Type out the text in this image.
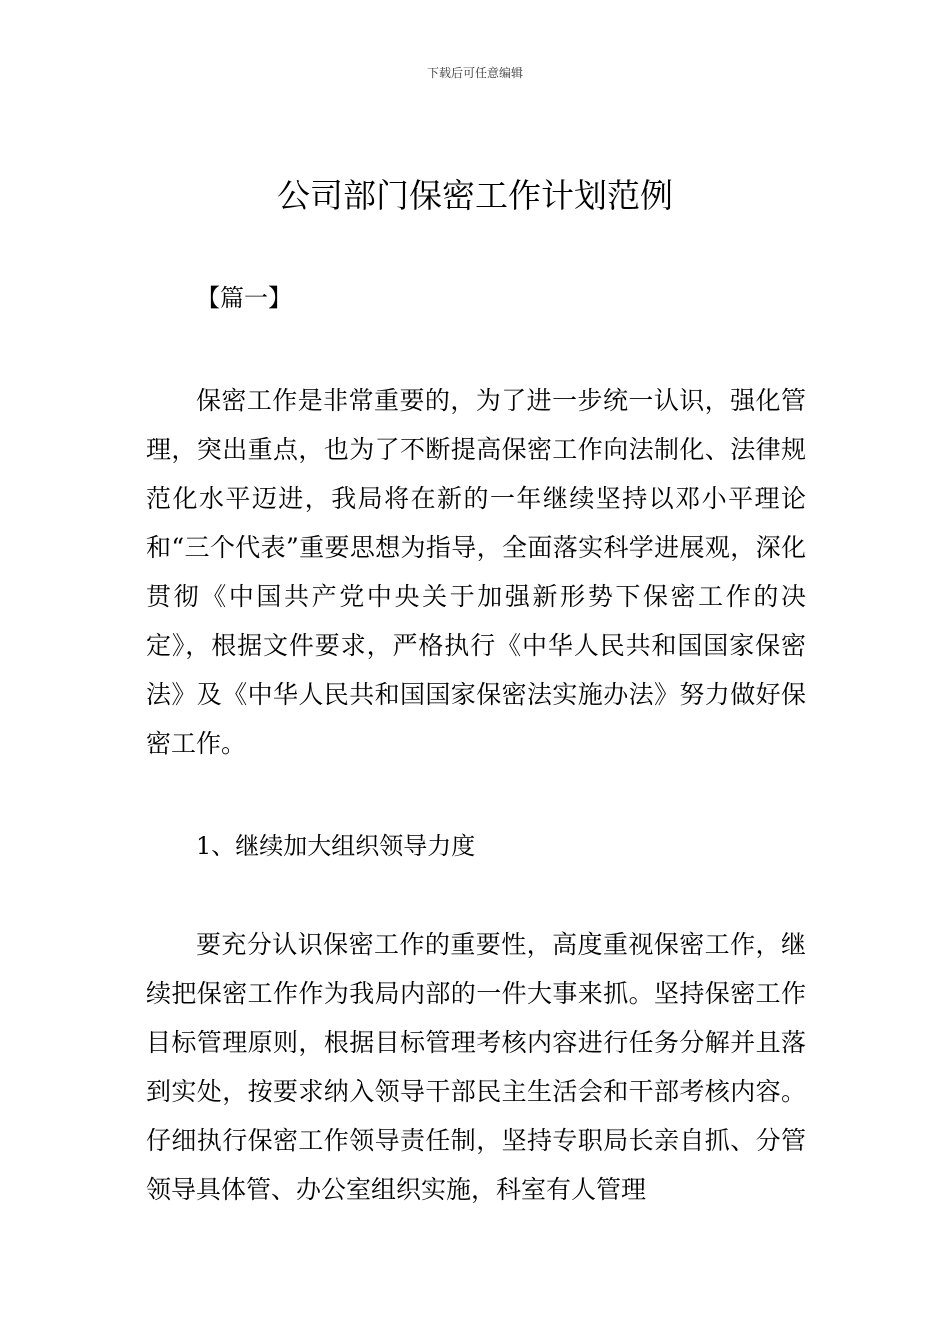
下载后可任意编辑
公司部门保密工作计划范例
【篇一】

保密工作是非常重要的，为了进一步统一认识，强化管理，突出重点，也为了不断提高保密工作向法制化、法律规范化水平迈进，我局将在新的一年继续坚持以邓小平理论和“三个代表”重要思想为指导，全面落实科学进展观，深化贯彻《中国共产党中央关于加强新形势下保密工作的决定》，根据文件要求，严格执行《中华人民共和国国家保密法》及《中华人民共和国国家保密法实施办法》努力做好保密工作。

1、继续加大组织领导力度

要充分认识保密工作的重要性，高度重视保密工作，继续把保密工作作为我局内部的一件大事来抓。坚持保密工作目标管理原则，根据目标管理考核内容进行任务分解并且落到实处，按要求纳入领导干部民主生活会和干部考核内容。仔细执行保密工作领导责任制，坚持专职局长亲自抓、分管领导具体管、办公室组织实施，科室有人管理
